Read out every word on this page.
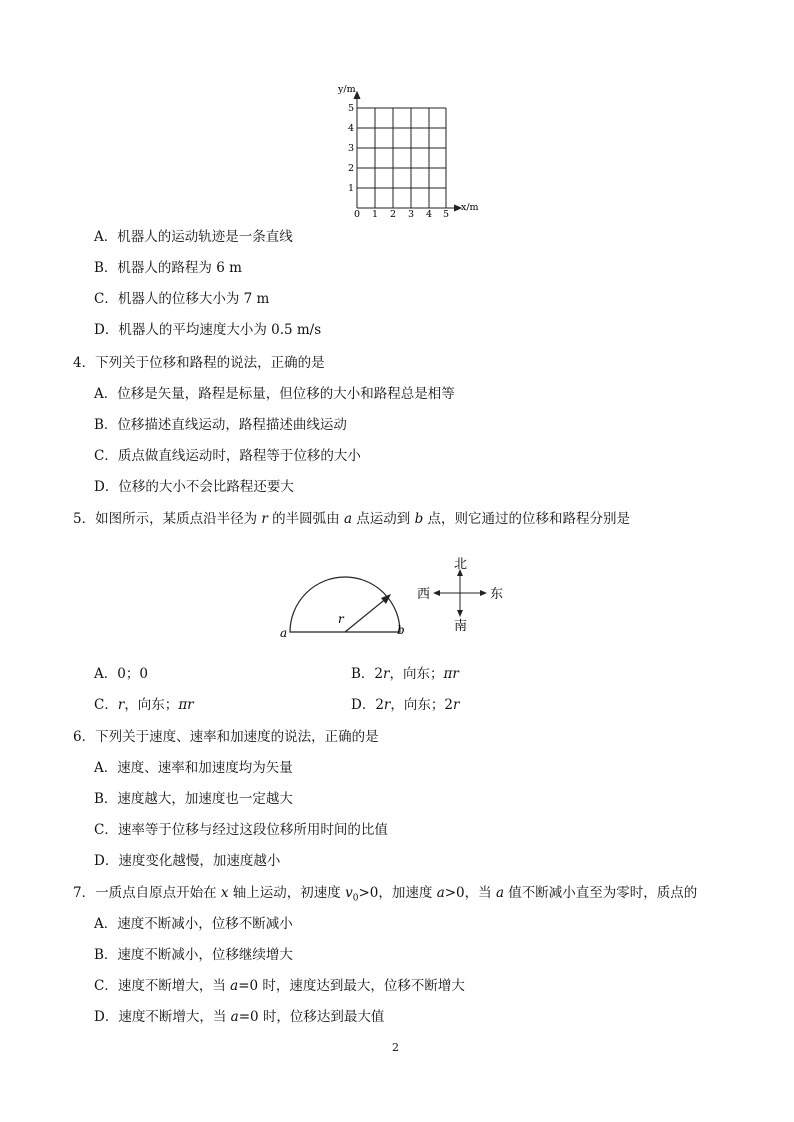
y/m
x/m
1
2
3
4
5
0 1 2 3 4 5
A．机器人的运动轨迹是一条直线
B．机器人的路程为 6 m
C．机器人的位移大小为 7 m
D．机器人的平均速度大小为 0.5 m/s
4．下列关于位移和路程的说法，正确的是
A．位移是矢量，路程是标量，但位移的大小和路程总是相等
B．位移描述直线运动，路程描述曲线运动
C．质点做直线运动时，路程等于位移的大小
D．位移的大小不会比路程还要大
5．如图所示，某质点沿半径为 r 的半圆弧由 a 点运动到 b 点，则它通过的位移和路程分别是
a	b
r
北
南
西	东
A．0；0	B．2r，向东；πr
C．r，向东；πr	D．2r，向东；2r
6．下列关于速度、速率和加速度的说法，正确的是
A．速度、速率和加速度均为矢量
B．速度越大，加速度也一定越大
C．速率等于位移与经过这段位移所用时间的比值
D．速度变化越慢，加速度越小
7．一质点自原点开始在 x 轴上运动，初速度 $v_0>0$，加速度 a>0，当 a 值不断减小直至为零时，质点的
A．速度不断减小，位移不断减小
B．速度不断减小，位移继续增大
C．速度不断增大，当 a=0 时，速度达到最大，位移不断增大
D．速度不断增大，当 a=0 时，位移达到最大值
2
